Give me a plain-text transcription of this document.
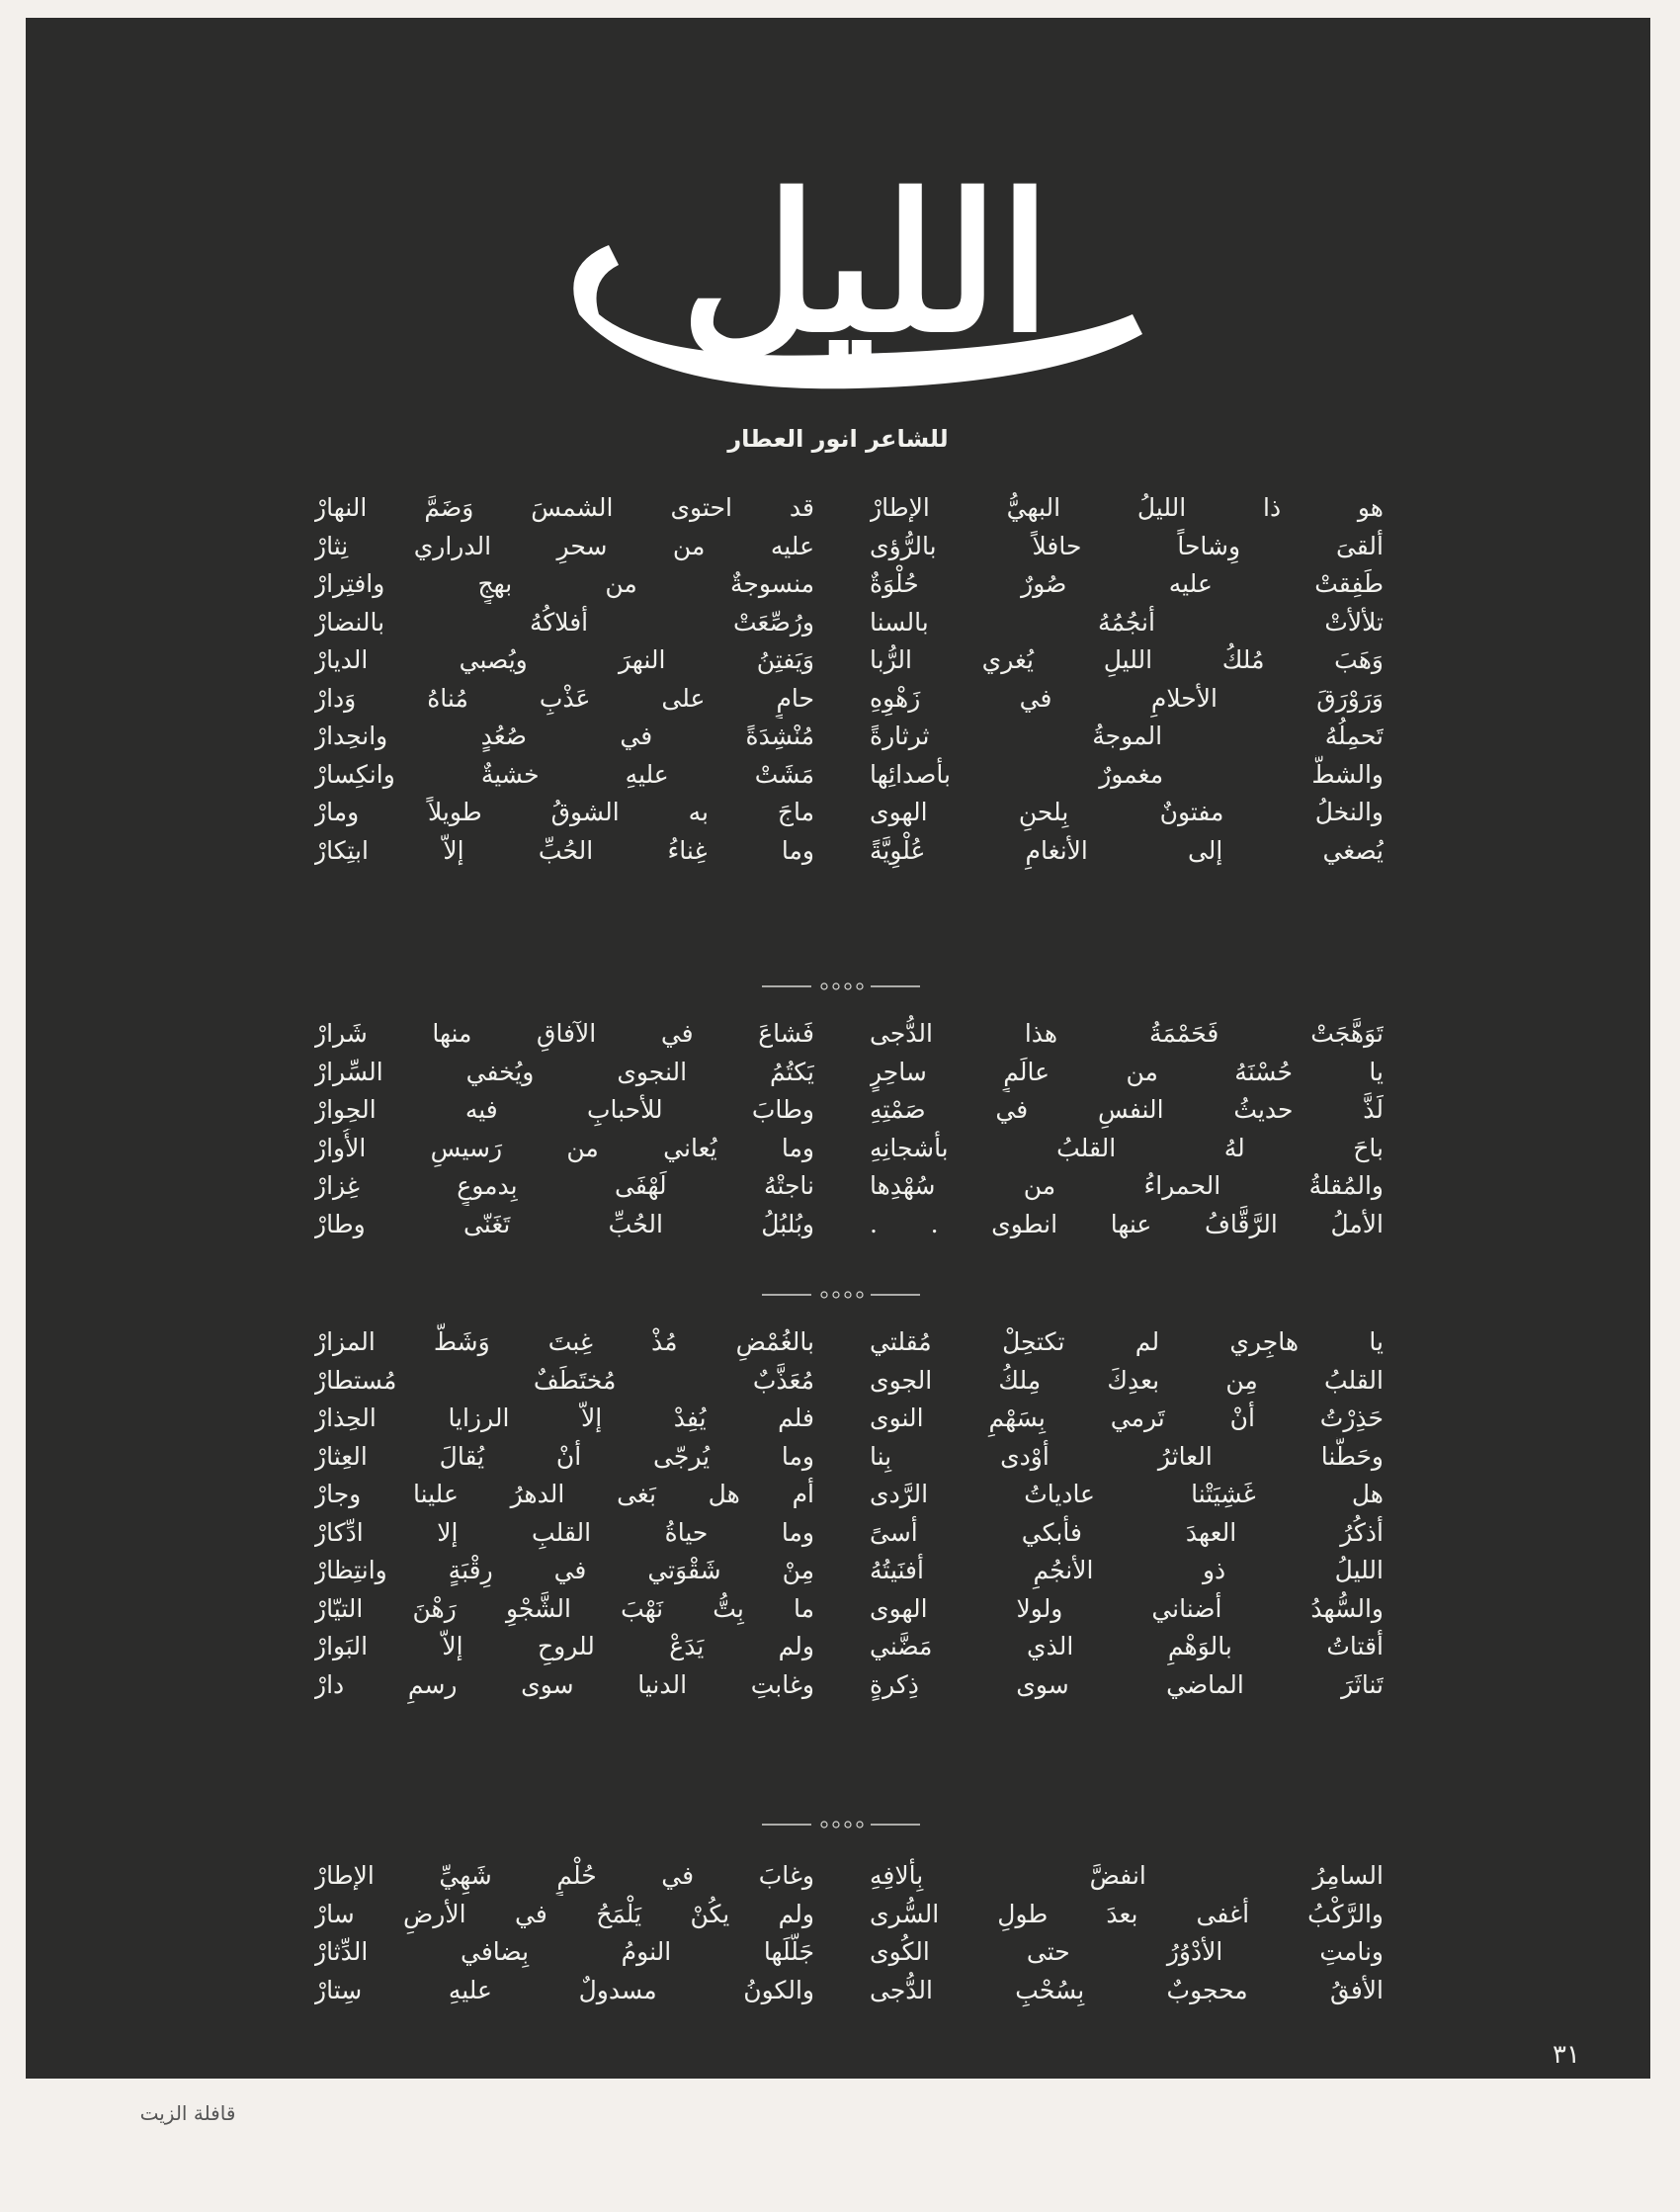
الليل
للشاعر انور العطار
هو ذا الليلُ البهيُّ الإطارْ
قد احتوى الشمسَ وَضَمَّ النهارْ
ألقىَ وِشاحاً حافلاً بالرُّؤى
عليه من سحرِ الدراري نِثارْ
طَفِقتْ عليه صُورٌ حُلْوَةٌ
منسوجةٌ من بهجٍ وافتِرارْ
تلألأتْ أنجُمُهُ بالسنا
ورُصِّعَتْ أفلاكُهُ بالنضارْ
وَهَبَ مُلكُ الليلِ يُغري الرُّبا
وَيَفتِنُ النهرَ ويُصبي الديارْ
وَرَوْرَقَ الأحلامِ في زَهْوِهِ
حامٍ على عَذْبِ مُناهُ وَدارْ
تَحمِلُهُ الموجةُ ثرثارةً
مُنْشِدَةً في صُعُدٍ وانحِدارْ
والشطُّ مغمورٌ بأصدائِها
مَشَتْ عليهِ خشيةٌ وانكِسارْ
والنخلُ مفتونٌ بِلحنِ الهوى
ماجَ به الشوقُ طويلاً ومارْ
يُصغي إلى الأنغامِ عُلْوِيَّةً
وما غِناءُ الحُبِّ إلاّ ابتِكارْ
تَوَهَّجَتْ فَحَمْمَةُ هذا الدُّجى
فَشاعَ في الآفاقِ منها شَرارْ
يا حُسْنَهُ من عالَمٍ ساحِرٍ
يَكتُمُ النجوى ويُخفي السِّرارْ
لَذَّ حديثُ النفسِ في صَمْتِهِ
وطابَ للأحبابِ فيه الحِوارْ
باحَ لهُ القلبُ بأشجانِهِ
وما يُعاني من رَسيسِ الأُوارْ
والمُقلةُ الحمراءُ من سُهْدِها
ناجتْهُ لَهْفَى بِدموعٍ غِزارْ
الأملُ الرَّقَّافُ عنها انطوى . .
وبُلبُلُ الحُبِّ تَغَنّى وطارْ
يا هاجِري لم تكتحِلْ مُقلتي
بالغُمْضِ مُذْ غِبتَ وَشَطَّ المزارْ
القلبُ مِن بعدِكَ مِلكُ الجوى
مُعَذَّبٌ مُختَطَفٌ مُستطارْ
حَذِرْتُ أنْ تَرمي بِسَهْمِ النوى
فلم يُفِدْ إلاّ الرزايا الحِذارْ
وحَطَّنا العاثرُ أوْدى بِنا
وما يُرجّى أنْ يُقالَ العِثارْ
هل غَشِيَتْنا عادياتُ الرَّدى
أم هل بَغى الدهرُ علينا وجارْ
أذكُرُ العهدَ فأبكي أسىً
وما حياةُ القلبِ إلا ادِّكارْ
الليلُ ذو الأنجُمِ أفنَيتُهُ
مِنْ شَقْوَتي في رِقْبَةٍ وانتِظارْ
والسُّهدُ أضناني ولولا الهوى
ما بِتُّ نَهْبَ الشَّجْوِ رَهْنَ التيّارْ
أقتاتُ بالوَهْمِ الذي مَضَّني
ولم يَدَعْ للروحِ إلاّ البَوارْ
تَناثَرَ الماضي سوى ذِكرةٍ
وغابتِ الدنيا سوى رسمِ دارْ
السامِرُ انفضَّ بِألافِهِ
وغابَ في حُلْمٍ شَهِيِّ الإطارْ
والرَّكْبُ أغفى بعدَ طولِ السُّرى
ولم يكُنْ يَلْمَحُ في الأرضِ سارْ
ونامتِ الأدْوُرُ حتى الكُوى
جَلَّلَها النومُ بِضافي الدِّثارْ
الأفقُ محجوبٌ بِسُحْبِ الدُّجى
والكونُ مسدولٌ عليهِ سِتارْ
٣١
قافلة الزيت
